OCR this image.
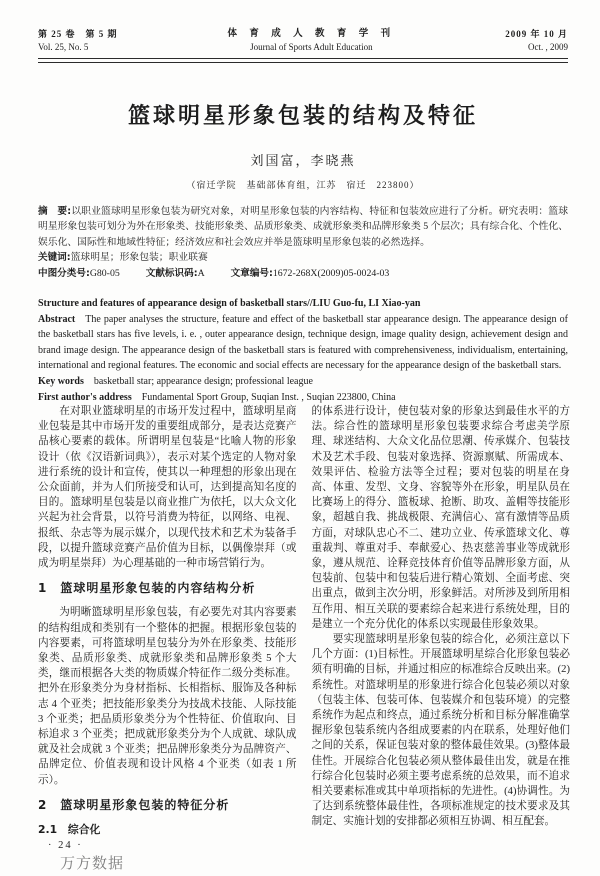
第 25 卷　第 5 期
Vol. 25, No. 5
体 育 成 人 教 育 学 刊
Journal of Sports Adult Education
2009 年 10 月
Oct. , 2009
篮球明星形象包装的结构及特征
刘国富，李晓燕
（宿迁学院　基础部体育组，江苏　宿迁　223800）

摘　要:以职业篮球明星形象包装为研究对象，对明星形象包装的内容结构、特征和包装效应进行了分析。研究表明：篮球明星形象包装可划分为外在形象类、技能形象类、品质形象类、成就形象类和品牌形象类 5 个层次；具有综合化、个性化、娱乐化、国际性和地域性特征；经济效应和社会效应并举是篮球明星形象包装的必然选择。

关键词:篮球明星；形象包装；职业联赛

中图分类号:G80-05	文献标识码:A	文章编号:1672-268X(2009)05-0024-03

Structure and features of appearance design of basketball stars//LIU Guo-fu, LI Xiao-yan

Abstract The paper analyses the structure, feature and effect of the basketball star appearance design. The appearance design of the basketball stars has five levels, i. e. , outer appearance design, technique design, image quality design, achievement design and brand image design. The appearance design of the basketball stars is featured with comprehensiveness, individualism, entertaining, international and regional features. The economic and social effects are necessary for the appearance design of the basketball stars.

Key words basketball star; appearance design; professional league

First author's address Fundamental Sport Group, Suqian Inst. , Suqian 223800, China

在对职业篮球明星的市场开发过程中，篮球明星商业包装是其中市场开发的重要组成部分，是表达竞赛产品核心要素的载体。所谓明星包装是“比喻人物的形象设计（依《汉语新词典》），表示对某个选定的人物对象进行系统的设计和宣传，使其以一种理想的形象出现在公众面前，并为人们所接受和认可，达到提高知名度的目的。篮球明星包装是以商业推广为依托，以大众文化兴起为社会背景，以符号消费为特征，以网络、电视、报纸、杂志等为展示媒介，以现代技术和艺术为装备手段，以提升篮球竞赛产品价值为目标，以偶像崇拜（或成为明星崇拜）为心理基础的一种市场营销行为。

1　篮球明星形象包装的内容结构分析

为明晰篮球明星形象包装，有必要先对其内容要素的结构组成和类别有一个整体的把握。根据形象包装的内容要素，可将篮球明星包装分为外在形象类、技能形象类、品质形象类、成就形象类和品牌形象类 5 个大类，继而根据各大类的物质媒介特征作二级分类标准。把外在形象类分为身材指标、长相指标、服饰及各种标志 4 个亚类；把技能形象类分为技战术技能、人际技能 3 个亚类；把品质形象类分为个性特征、价值取向、目标追求 3 个亚类；把成就形象类分为个人成就、球队成就及社会成就 3 个亚类；把品牌形象类分为品牌资产、品牌定位、价值表现和设计风格 4 个亚类（如表 1 所示）。

2　篮球明星形象包装的特征分析
2.1　综合化

的体系进行设计，使包装对象的形象达到最佳水平的方法。综合性的篮球明星形象包装要求综合考虑美学原理、球迷结构、大众文化品位思潮、传承媒介、包装技术及艺术手段、包装对象选择、资源禀赋、所需成本、效果评估、检验方法等全过程；要对包装的明星在身高、体重、发型、文身、容貌等外在形象，明星队员在比赛场上的得分、篮板球、抢断、助攻、盖帽等技能形象，超越自我、挑战极限、充满信心、富有激情等品质方面，对球队忠心不二、建功立业、传承篮球文化、尊重裁判、尊重对手、奉献爱心、热衷慈善事业等成就形象，遵从规范、诠释竞技体育价值等品牌形象方面，从包装前、包装中和包装后进行精心策划、全面考虑、突出重点，做到主次分明，形象鲜活。对所涉及到所用相互作用、相互关联的要素综合起来进行系统处理，目的是建立一个充分优化的体系以实现最佳形象效果。

要实现篮球明星形象包装的综合化，必须注意以下几个方面：(1)目标性。开展篮球明星综合化形象包装必须有明确的目标，并通过相应的标准综合反映出来。(2)系统性。对篮球明星的形象进行综合化包装必须以对象（包装主体、包装可体、包装媒介和包装环境）的完整系统作为起点和终点，通过系统分析和目标分解准确掌握形象包装系统内各组成要素的内在联系，处理好他们之间的关系，保证包装对象的整体最佳效果。(3)整体最佳性。开展综合化包装必须从整体最佳出发，就是在推行综合化包装时必须主要考虑系统的总效果，而不追求相关要素标准或其中单项指标的先进性。(4)协调性。为了达到系统整体最佳性，各项标准规定的技术要求及其制定、实施计划的安排都必须相互协调、相互配套。

· 24 ·
万方数据
